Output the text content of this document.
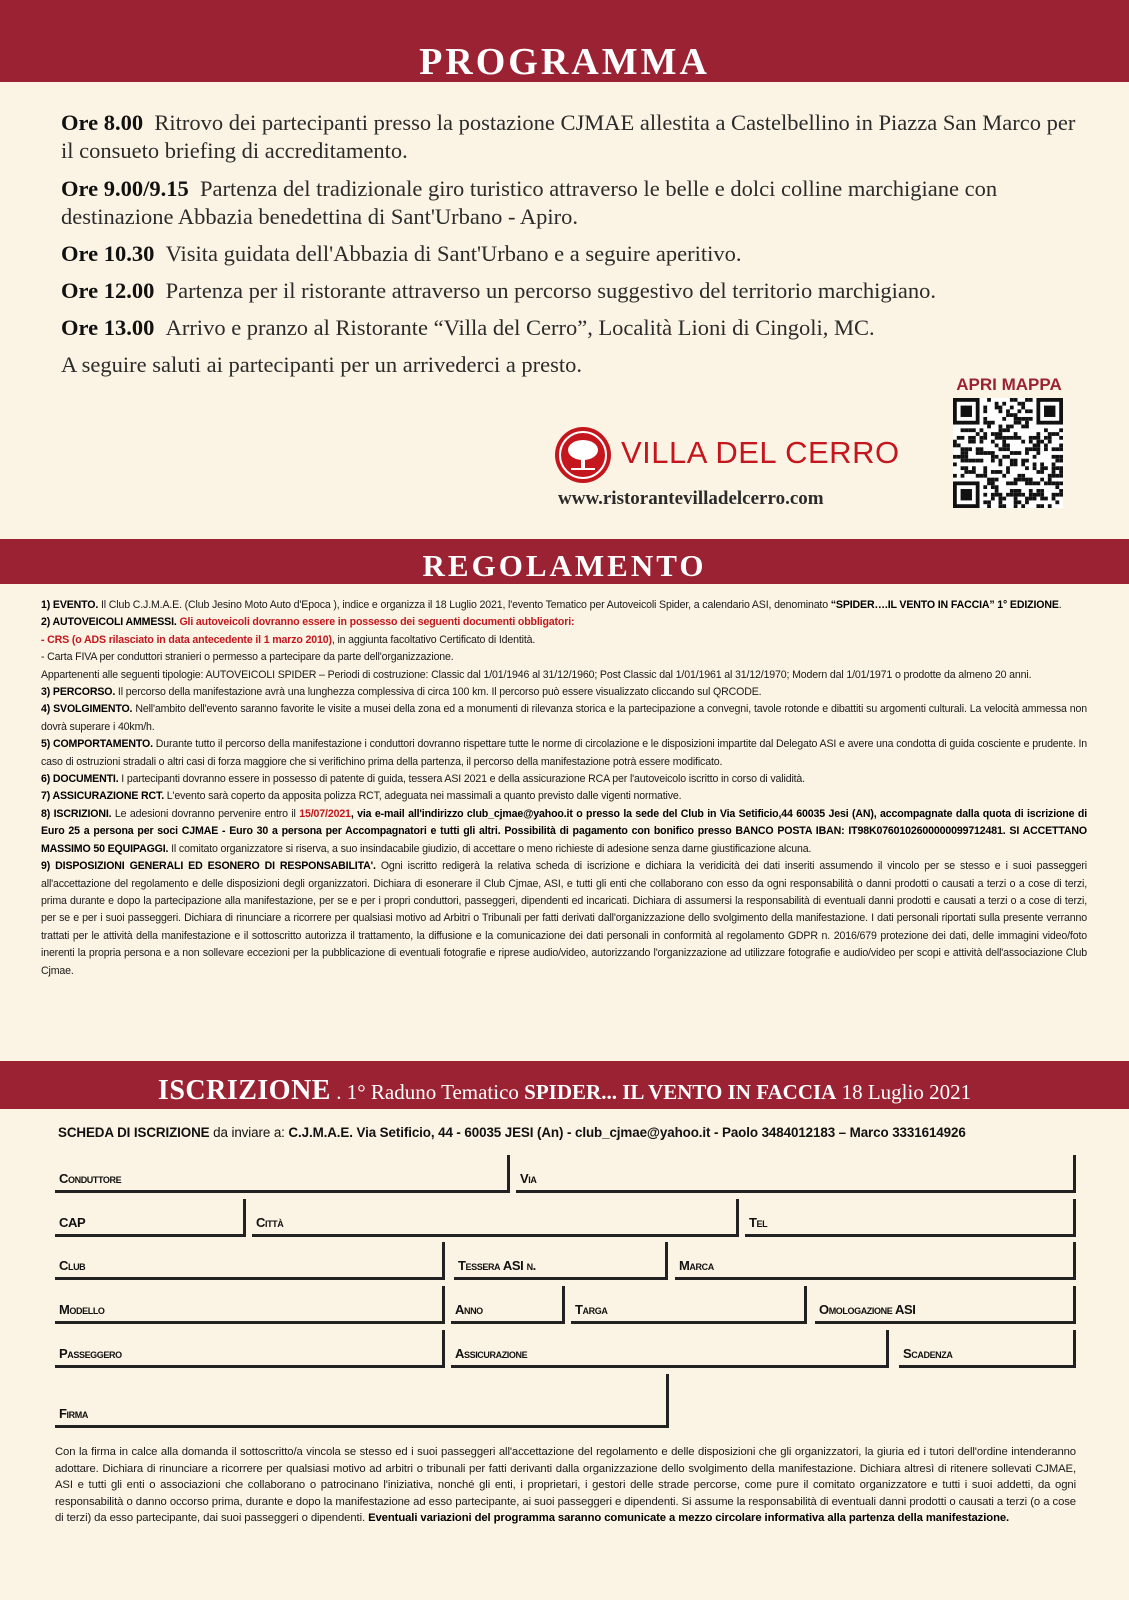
PROGRAMMA
Ore 8.00 Ritrovo dei partecipanti presso la postazione CJMAE allestita a Castelbellino in Piazza San Marco per il consueto briefing di accreditamento.
Ore 9.00/9.15 Partenza del tradizionale giro turistico attraverso le belle e dolci colline marchigiane con destinazione Abbazia benedettina di Sant'Urbano - Apiro.
Ore 10.30 Visita guidata dell'Abbazia di Sant'Urbano e a seguire aperitivo.
Ore 12.00 Partenza per il ristorante attraverso un percorso suggestivo del territorio marchigiano.
Ore 13.00 Arrivo e pranzo al Ristorante “Villa del Cerro”, Località Lioni di Cingoli, MC.
A seguire saluti ai partecipanti per un arrivederci a presto.
VILLA DEL CERRO
www.ristorantevilladelcerro.com
APRI MAPPA
REGOLAMENTO

1) EVENTO. Il Club C.J.M.A.E. (Club Jesino Moto Auto d'Epoca ), indice e organizza il 18 Luglio 2021, l'evento Tematico per Autoveicoli Spider, a calendario ASI, denominato “SPIDER….IL VENTO IN FACCIA” 1° EDIZIONE.

2) AUTOVEICOLI AMMESSI. Gli autoveicoli dovranno essere in possesso dei seguenti documenti obbligatori:

- CRS (o ADS rilasciato in data antecedente il 1 marzo 2010), in aggiunta facoltativo Certificato di Identità.

- Carta FIVA per conduttori stranieri o permesso a partecipare da parte dell'organizzazione.

Appartenenti alle seguenti tipologie: AUTOVEICOLI SPIDER – Periodi di costruzione: Classic dal 1/01/1946 al 31/12/1960; Post Classic dal 1/01/1961 al 31/12/1970; Modern dal 1/01/1971 o prodotte da almeno 20 anni.

3) PERCORSO. Il percorso della manifestazione avrà una lunghezza complessiva di circa 100 km. Il percorso può essere visualizzato cliccando sul QRCODE.

4) SVOLGIMENTO. Nell'ambito dell'evento saranno favorite le visite a musei della zona ed a monumenti di rilevanza storica e la partecipazione a convegni, tavole rotonde e dibattiti su argomenti culturali. La velocità ammessa non dovrà superare i 40km/h.

5) COMPORTAMENTO. Durante tutto il percorso della manifestazione i conduttori dovranno rispettare tutte le norme di circolazione e le disposizioni impartite dal Delegato ASI e avere una condotta di guida cosciente e prudente. In caso di ostruzioni stradali o altri casi di forza maggiore che si verifichino prima della partenza, il percorso della manifestazione potrà essere modificato.

6) DOCUMENTI. I partecipanti dovranno essere in possesso di patente di guida, tessera ASI 2021 e della assicurazione RCA per l'autoveicolo iscritto in corso di validità.

7) ASSICURAZIONE RCT. L'evento sarà coperto da apposita polizza RCT, adeguata nei massimali a quanto previsto dalle vigenti normative.

8) ISCRIZIONI. Le adesioni dovranno pervenire entro il 15/07/2021, via e-mail all'indirizzo club_cjmae@yahoo.it o presso la sede del Club in Via Setificio,44 60035 Jesi (AN), accompagnate dalla quota di iscrizione di Euro 25 a persona per soci CJMAE - Euro 30 a persona per Accompagnatori e tutti gli altri. Possibilità di pagamento con bonifico presso BANCO POSTA IBAN: IT98K0760102600000099712481. SI ACCETTANO MASSIMO 50 EQUIPAGGI. Il comitato organizzatore si riserva, a suo insindacabile giudizio, di accettare o meno richieste di adesione senza darne giustificazione alcuna.

9) DISPOSIZIONI GENERALI ED ESONERO DI RESPONSABILITA'. Ogni iscritto redigerà la relativa scheda di iscrizione e dichiara la veridicità dei dati inseriti assumendo il vincolo per se stesso e i suoi passeggeri all'accettazione del regolamento e delle disposizioni degli organizzatori. Dichiara di esonerare il Club Cjmae, ASI, e tutti gli enti che collaborano con esso da ogni responsabilità o danni prodotti o causati a terzi o a cose di terzi, prima durante e dopo la partecipazione alla manifestazione, per se e per i propri conduttori, passeggeri, dipendenti ed incaricati. Dichiara di assumersi la responsabilità di eventuali danni prodotti e causati a terzi o a cose di terzi, per se e per i suoi passeggeri. Dichiara di rinunciare a ricorrere per qualsiasi motivo ad Arbitri o Tribunali per fatti derivati dall'organizzazione dello svolgimento della manifestazione. I dati personali riportati sulla presente verranno trattati per le attività della manifestazione e il sottoscritto autorizza il trattamento, la diffusione e la comunicazione dei dati personali in conformità al regolamento GDPR n. 2016/679 protezione dei dati, delle immagini video/foto inerenti la propria persona e a non sollevare eccezioni per la pubblicazione di eventuali fotografie e riprese audio/video, autorizzando l'organizzazione ad utilizzare fotografie e audio/video per scopi e attività dell'associazione Club Cjmae.

ISCRIZIONE . 1° Raduno Tematico SPIDER... IL VENTO IN FACCIA 18 Luglio 2021
SCHEDA DI ISCRIZIONE da inviare a: C.J.M.A.E. Via Setificio, 44 - 60035 JESI (An) - club_cjmae@yahoo.it - Paolo 3484012183 – Marco 3331614926
Conduttore	Via
CAP	Città	Tel
Club	Tessera ASI n.	Marca
Modello	Anno	Targa	Omologazione ASI
Passeggero	Assicurazione	Scadenza
Firma
Con la firma in calce alla domanda il sottoscritto/a vincola se stesso ed i suoi passeggeri all'accettazione del regolamento e delle disposizioni che gli organizzatori, la giuria ed i tutori dell'ordine intenderanno adottare. Dichiara di rinunciare a ricorrere per qualsiasi motivo ad arbitri o tribunali per fatti derivanti dalla organizzazione dello svolgimento della manifestazione. Dichiara altresì di ritenere sollevati CJMAE, ASI e tutti gli enti o associazioni che collaborano o patrocinano l'iniziativa, nonché gli enti, i proprietari, i gestori delle strade percorse, come pure il comitato organizzatore e tutti i suoi addetti, da ogni responsabilità o danno occorso prima, durante e dopo la manifestazione ad esso partecipante, ai suoi passeggeri e dipendenti. Si assume la responsabilità di eventuali danni prodotti o causati a terzi (o a cose di terzi) da esso partecipante, dai suoi passeggeri o dipendenti. Eventuali variazioni del programma saranno comunicate a mezzo circolare informativa alla partenza della manifestazione.
